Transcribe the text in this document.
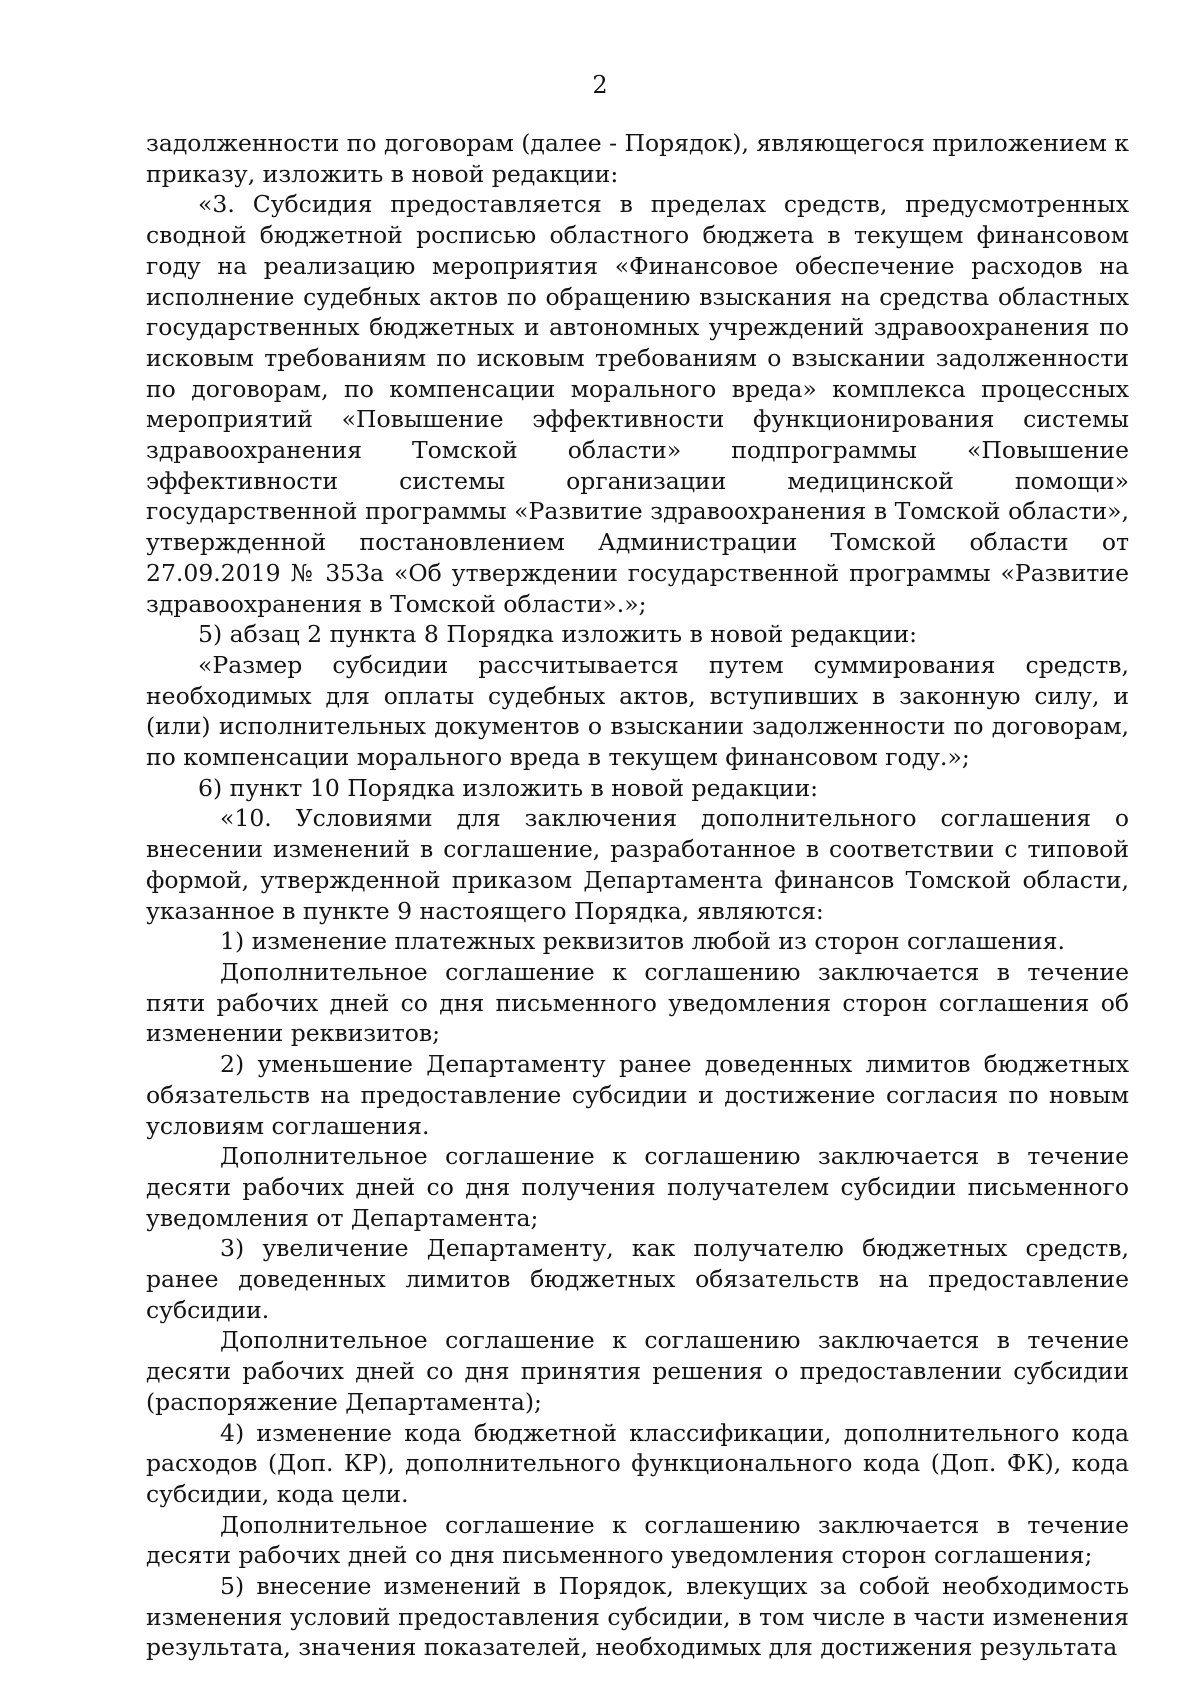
2

задолженности по договорам (далее - Порядок), являющегося приложением к приказу, изложить в новой редакции:

«3. Субсидия предоставляется в пределах средств, предусмотренных сводной бюджетной росписью областного бюджета в текущем финансовом году на реализацию мероприятия «Финансовое обеспечение расходов на исполнение судебных актов по обращению взыскания на средства областных государственных бюджетных и автономных учреждений здравоохранения по исковым требованиям по исковым требованиям о взыскании задолженности по договорам, по компенсации морального вреда» комплекса процессных мероприятий «Повышение эффективности функционирования системы здравоохранения Томской области» подпрограммы «Повышение эффективности системы организации медицинской помощи» государственной программы «Развитие здравоохранения в Томской области», утвержденной постановлением Администрации Томской области от 27.09.2019 № 353а «Об утверждении государственной программы «Развитие здравоохранения в Томской области».»;

5) абзац 2 пункта 8 Порядка изложить в новой редакции:

«Размер субсидии рассчитывается путем суммирования средств, необходимых для оплаты судебных актов, вступивших в законную силу, и (или) исполнительных документов о взыскании задолженности по договорам, по компенсации морального вреда в текущем финансовом году.»;

6) пункт 10 Порядка изложить в новой редакции:

«10. Условиями для заключения дополнительного соглашения о внесении изменений в соглашение, разработанное в соответствии с типовой формой, утвержденной приказом Департамента финансов Томской области, указанное в пункте 9 настоящего Порядка, являются:

1) изменение платежных реквизитов любой из сторон соглашения.

Дополнительное соглашение к соглашению заключается в течение пяти рабочих дней со дня письменного уведомления сторон соглашения об изменении реквизитов;

2) уменьшение Департаменту ранее доведенных лимитов бюджетных обязательств на предоставление субсидии и достижение согласия по новым условиям соглашения.

Дополнительное соглашение к соглашению заключается в течение десяти рабочих дней со дня получения получателем субсидии письменного уведомления от Департамента;

3) увеличение Департаменту, как получателю бюджетных средств, ранее доведенных лимитов бюджетных обязательств на предоставление субсидии.

Дополнительное соглашение к соглашению заключается в течение десяти рабочих дней со дня принятия решения о предоставлении субсидии (распоряжение Департамента);

4) изменение кода бюджетной классификации, дополнительного кода расходов (Доп. КР), дополнительного функционального кода (Доп. ФК), кода субсидии, кода цели.

Дополнительное соглашение к соглашению заключается в течение десяти рабочих дней со дня письменного уведомления сторон соглашения;

5) внесение изменений в Порядок, влекущих за собой необходимость изменения условий предоставления субсидии, в том числе в части изменения результата, значения показателей, необходимых для достижения результата
